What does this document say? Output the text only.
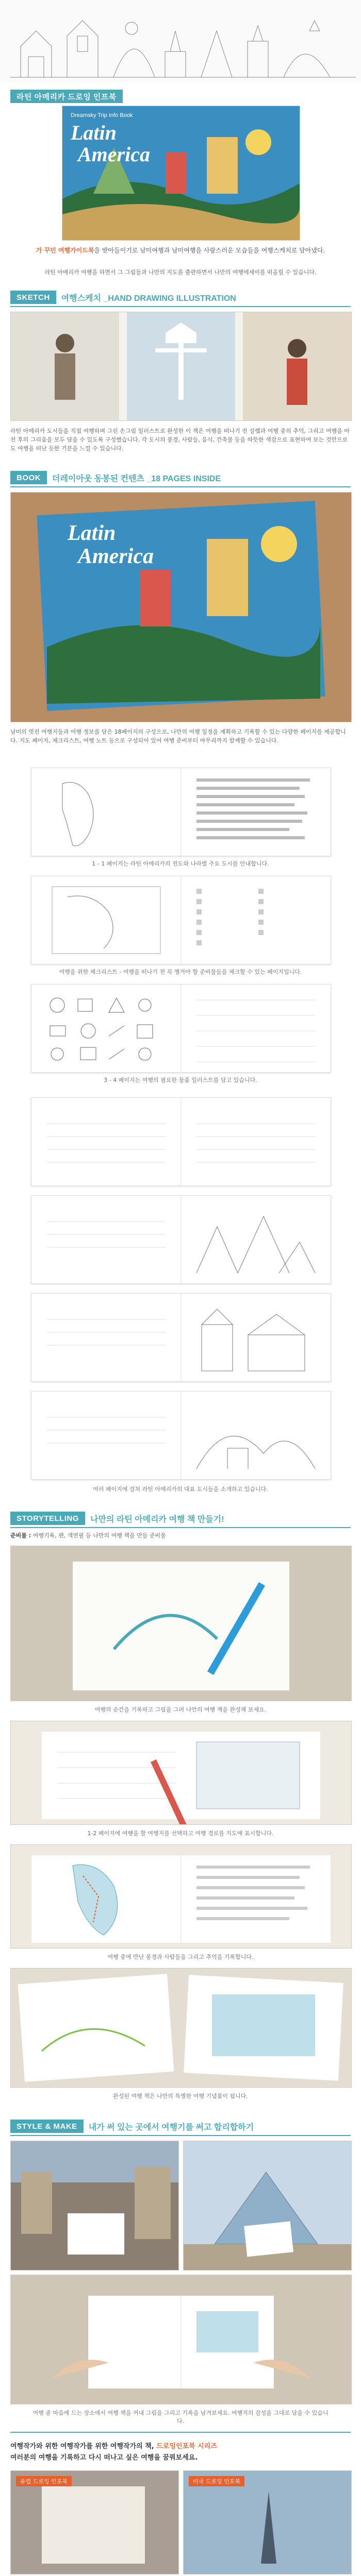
라틴 아메리카 드로잉 인프북
Dreamsky Trip Info Book
Latin
America
가 꾸민 여행가이드북을 받아들이기로 남미여행과 남미여행을 사랑스러운 모습들을 여행스케치로 담아냈다.
라틴 아메리카 여행을 하면서 그 그림들과 나만의 지도를 출판하면서 나만의 여행에세이를 떠올릴 수 있습니다.
SKETCH	여행스케치 _HAND DRAWING ILLUSTRATION
라틴 아메리카 도시들을 직접 여행하며 그린 손그림 일러스트로 완성한 이 책은 여행을 떠나기 전 설렘과 여행 중의 추억, 그리고 여행을 마친 후의 그리움을 모두 담을 수 있도록 구성했습니다. 각 도시의 풍경, 사람들, 음식, 건축물 등을 따뜻한 색감으로 표현하여 보는 것만으로도 여행을 떠난 듯한 기분을 느낄 수 있습니다.
BOOK	더레이아웃 동봉된 컨텐츠 _18 PAGES INSIDE
Latin
America
남미의 멋진 여행지들과 여행 정보를 담은 18페이지의 구성으로, 나만의 여행 일정을 계획하고 기록할 수 있는 다양한 페이지를 제공합니다. 지도 페이지, 체크리스트, 여행 노트 등으로 구성되어 있어 여행 준비부터 마무리까지 함께할 수 있습니다.
1 - 1 페이지는 라틴 아메리카의 전도와 나라별 주요 도시를 안내합니다.
여행을 위한 체크리스트 - 여행을 떠나기 전 꼭 챙겨야 할 준비물들을 체크할 수 있는 페이지입니다.
3 - 4 페이지는 여행의 필요한 물품 일러스트를 담고 있습니다.
여러 페이지에 걸쳐 라틴 아메리카의 대표 도시들을 소개하고 있습니다.
STORYTELLING	나만의 라틴 아메리카 여행 책 만들기!
준비물 : 여행기록, 펜, 색연필 등 나만의 여행 책을 만들 준비물
여행의 순간을 기록하고 그림을 그려 나만의 여행 책을 완성해 보세요.
1-2 페이지에 여행을 할 여행지를 선택하고 여행 경로를 지도에 표시합니다.
여행 중에 만난 풍경과 사람들을 그리고 추억을 기록합니다.
완성된 여행 책은 나만의 특별한 여행 기념품이 됩니다.
STYLE & MAKE	내가 써 있는 곳에서 여행기를 써고 합리합하기
여행 중 마음에 드는 장소에서 여행 책을 꺼내 그림을 그리고 기록을 남겨보세요. 여행지의 감성을 그대로 담을 수 있습니다.
여행작가와 위한 여행작가를 위한 여행작가의 책, 드로잉인포북 시리즈
여러분의 여행을 기록하고 다시 떠나고 싶은 여행을 꿈꿔보세요.
유럽 드로잉 인포북	미국 드로잉 인포북
